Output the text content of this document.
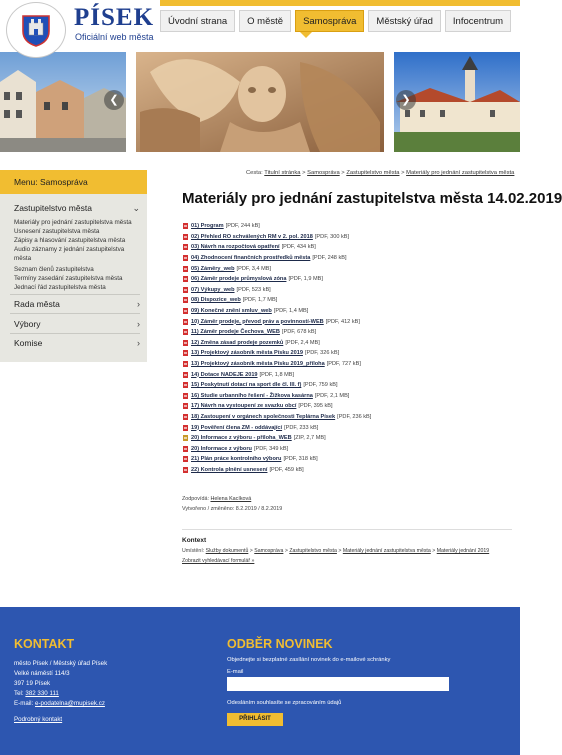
PÍSEK
Oficiální web města
Úvodní strana	O městě	Samospráva	Městský úřad	Infocentrum
❮	❯
Menu: Samospráva
Zastupitelstvo města	⌄
Materiály pro jednání zastupitelstva města
Usnesení zastupitelstva města
Zápisy a hlasování zastupitelstva města
Audio záznamy z jednání zastupitelstva
města
Seznam členů zastupitelstva
Termíny zasedání zastupitelstva města
Jednací řád zastupitelstva města
Rada města	›
Výbory	›
Komise	›
Cesta: Titulní stránka > Samospráva > Zastupitelstvo města > Materiály pro jednání zastupitelstva města
Materiály pro jednání zastupitelstva města 14.02.2019
01) Program [PDF, 244 kB]
02) Přehled RO schválených RM v 2. pol. 2018 [PDF, 300 kB]
03) Návrh na rozpočtová opatření [PDF, 434 kB]
04) Zhodnocení finančních prostředků města [PDF, 248 kB]
05) Záměry_web [PDF, 3,4 MB]
06) Záměr prodeje průmyslová zóna [PDF, 1,9 MB]
07) Výkupy_web [PDF, 523 kB]
08) Dispozice_web [PDF, 1,7 MB]
09) Konečné znění smluv_web [PDF, 1,4 MB]
10) Záměr prodeje, převod práv a povinností-WEB [PDF, 412 kB]
11) Záměr prodeje Čechova_WEB [PDF, 678 kB]
12) Změna zásad prodeje pozemků [PDF, 2,4 MB]
13) Projektový zásobník města Písku 2019 [PDF, 326 kB]
13) Projektový zásobník města Písku 2019_příloha [PDF, 727 kB]
14) Dotace NADEJE 2019 [PDF, 1,8 MB]
15) Poskytnutí dotací na sport dle čl. III. f) [PDF, 759 kB]
16) Studie urbanního řešení - Žižkova kasárna [PDF, 2,1 MB]
17) Návrh na vystoupení ze svazku obcí [PDF, 395 kB]
18) Zastoupení v orgánech společnosti Teplárna Písek [PDF, 236 kB]
19) Pověření člena ZM - oddávající [PDF, 233 kB]
20) Informace z výboru - příloha_WEB [ZIP, 2,7 MB]
20) Informace z výboru [PDF, 349 kB]
21) Plán práce kontrolního výboru [PDF, 318 kB]
22) Kontrola plnění usnesení [PDF, 459 kB]
Zodpovídá: Helena Kacíková
Vytvořeno / změněno: 8.2.2019 / 8.2.2019
Kontext
Umístění: Služby dokumentů > Samospráva > Zastupitelstvo města > Materiály jednání zastupitelstva města > Materiály jednání 2019
Zobrazit vyhledávací formulář »
KONTAKT
město Písek / Městský úřad Písek
Velké náměstí 114/3
397 19 Písek
Tel: 382 330 111
E-mail: e-podatelna@mupisek.cz
Podrobný kontakt
ODBĚR NOVINEK
Objednejte si bezplatné zasílání novinek do e-mailové schránky
E-mail
Odesláním souhlasíte se zpracováním údajů
PŘIHLÁSIT
